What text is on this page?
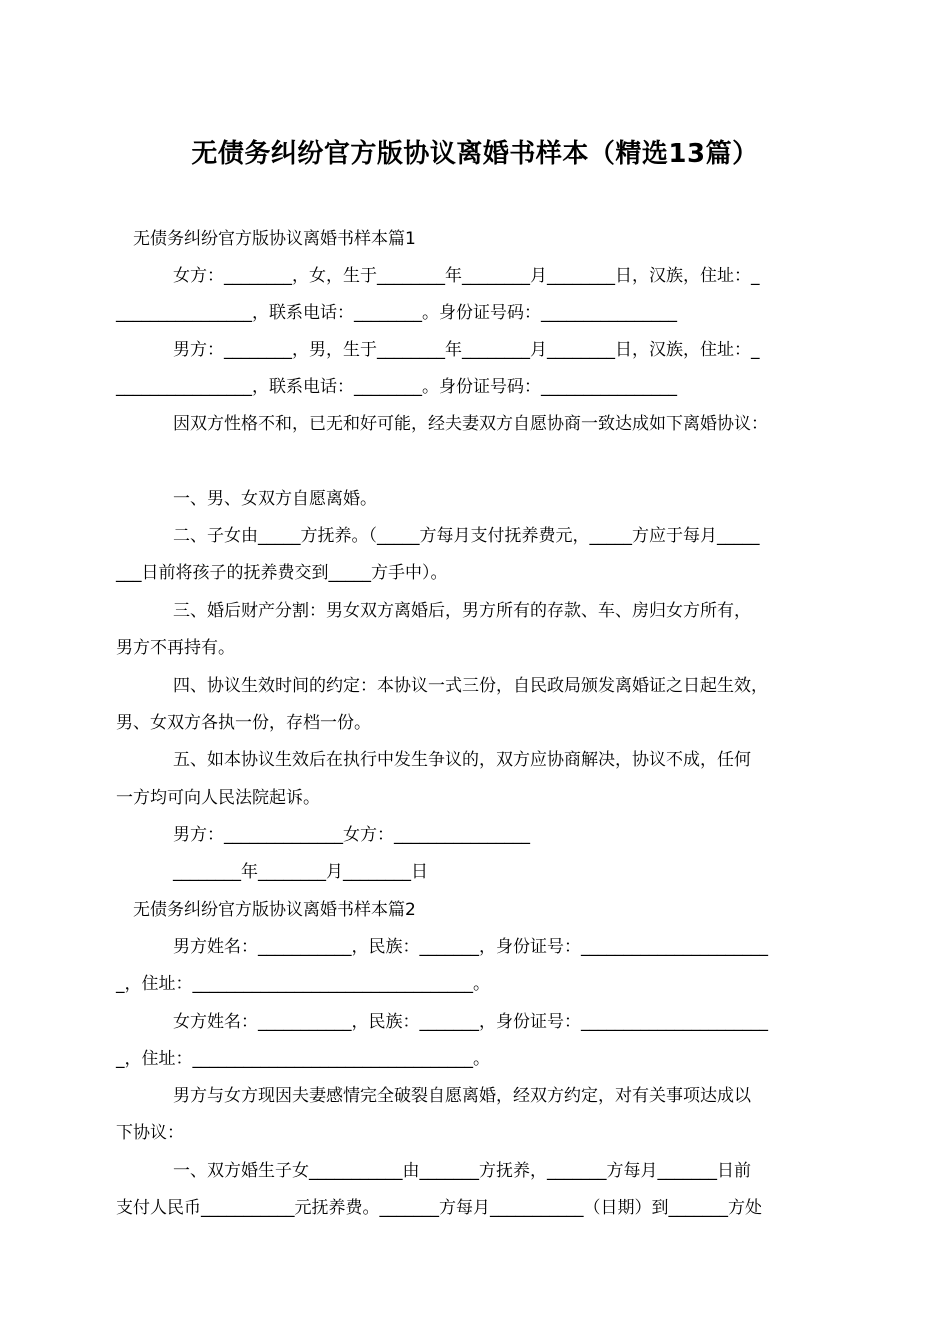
无债务纠纷官方版协议离婚书样本（精选13篇）

无债务纠纷官方版协议离婚书样本篇1

女方：________，女，生于________年________月________日，汉族，住址：_

________________，联系电话：________。身份证号码：________________

男方：________，男，生于________年________月________日，汉族，住址：_

________________，联系电话：________。身份证号码：________________

因双方性格不和，已无和好可能，经夫妻双方自愿协商一致达成如下离婚协议：

一、男、女双方自愿离婚。

二、子女由_____方抚养。（_____方每月支付抚养费元，_____方应于每月_____

___日前将孩子的抚养费交到_____方手中）。

三、婚后财产分割：男女双方离婚后，男方所有的存款、车、房归女方所有，

男方不再持有。

四、协议生效时间的约定：本协议一式三份，自民政局颁发离婚证之日起生效，

男、女双方各执一份，存档一份。

五、如本协议生效后在执行中发生争议的，双方应协商解决，协议不成，任何

一方均可向人民法院起诉。

男方：______________女方：________________

________年________月________日

无债务纠纷官方版协议离婚书样本篇2

男方姓名：___________，民族：_______，身份证号：______________________

_，住址：_________________________________。

女方姓名：___________，民族：_______，身份证号：______________________

_，住址：_________________________________。

男方与女方现因夫妻感情完全破裂自愿离婚，经双方约定，对有关事项达成以

下协议：

一、双方婚生子女___________由_______方抚养，_______方每月_______日前

支付人民币___________元抚养费。_______方每月___________（日期）到_______方处
